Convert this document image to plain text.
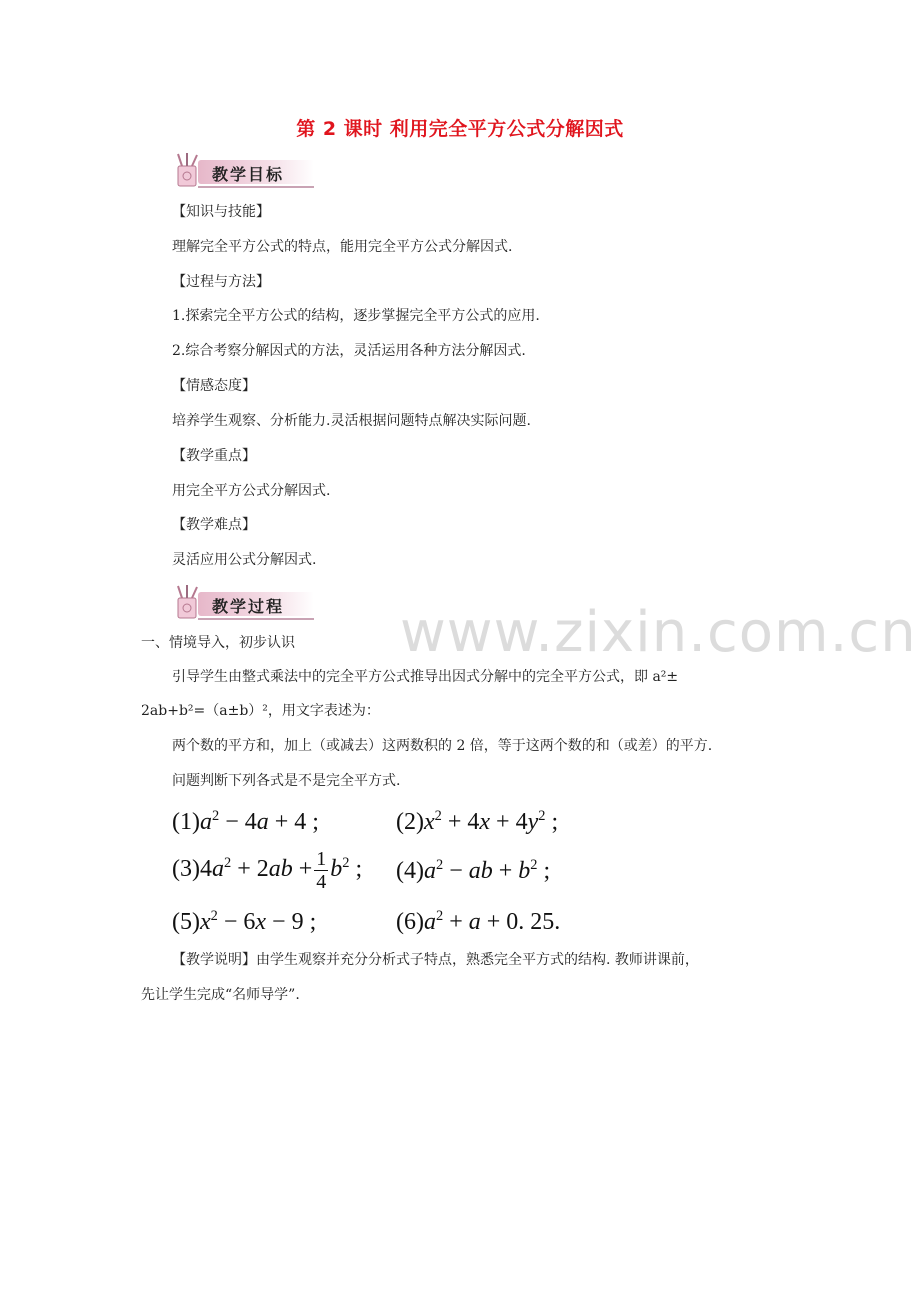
第 2 课时 利用完全平方公式分解因式
教学目标
【知识与技能】
理解完全平方公式的特点，能用完全平方公式分解因式.
【过程与方法】
1.探索完全平方公式的结构，逐步掌握完全平方公式的应用.
2.综合考察分解因式的方法，灵活运用各种方法分解因式.
【情感态度】
培养学生观察、分析能力.灵活根据问题特点解决实际问题.
【教学重点】
用完全平方公式分解因式.
【教学难点】
灵活应用公式分解因式.
教学过程 www.zixin.com.cn
一、情境导入，初步认识
引导学生由整式乘法中的完全平方公式推导出因式分解中的完全平方公式，即 a²±
2ab+b²=（a±b）²，用文字表述为：
两个数的平方和，加上（或减去）这两数积的 2 倍，等于这两个数的和（或差）的平方.
问题判断下列各式是不是完全平方式.
$(1)a^2 - 4a + 4$ ;	$(2)x^2 + 4x + 4y^2$ ;
$(3)4a^2 + 2ab + \frac{1}{4} b^2$ ; $(4)a^2$ − ab + $b^2$ ;
$(5)x^2 - 6x - 9$ ;	$(6)a^2 + a + 0$. 25.
【教学说明】由学生观察并充分分析式子特点，熟悉完全平方式的结构. 教师讲课前，
先让学生完成“名师导学”.
